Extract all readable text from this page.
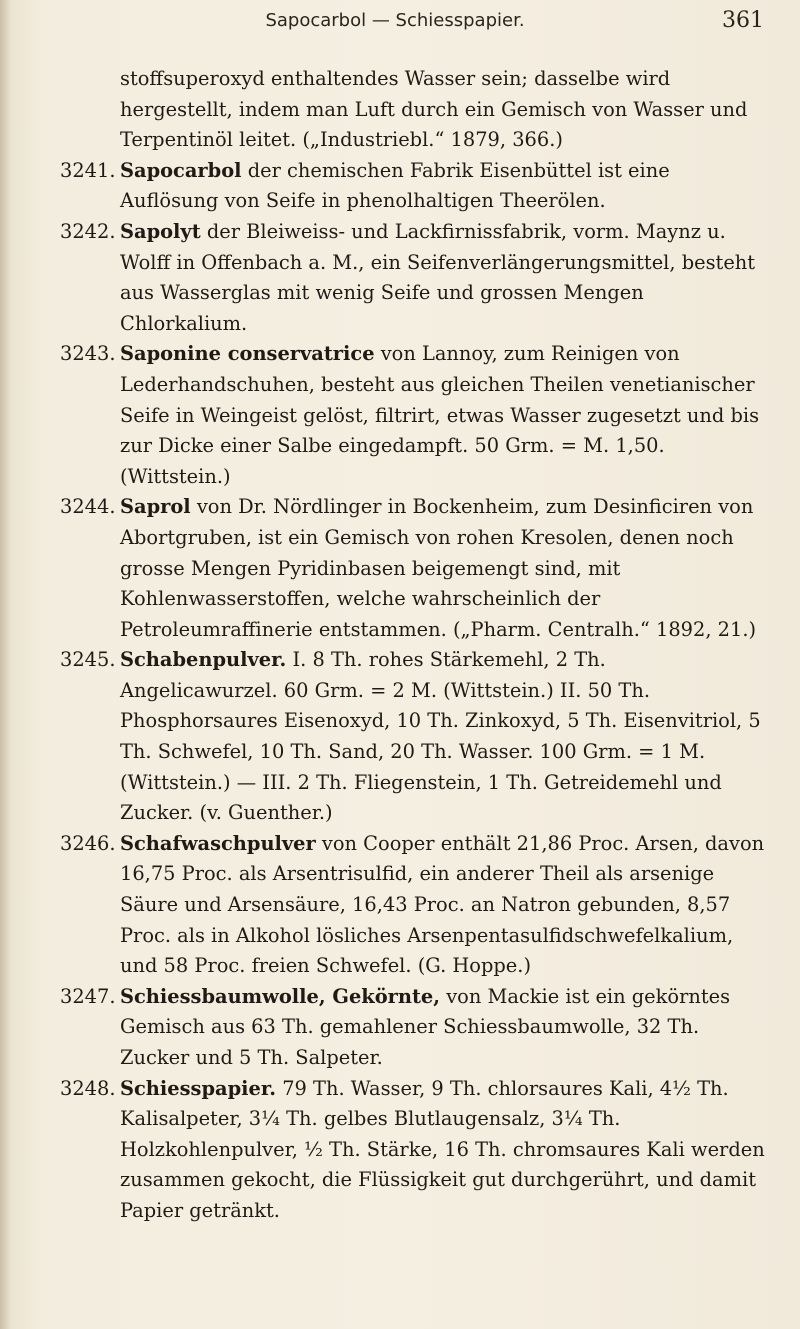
Sapocarbol — Schiesspapier.	361

stoffsuperoxyd enthaltendes Wasser sein; dasselbe wird hergestellt, indem man Luft durch ein Gemisch von Wasser und Terpentinöl leitet. („Industriebl.“ 1879, 366.)

3241. Sapocarbol der chemischen Fabrik Eisenbüttel ist eine Auflösung von Seife in phenolhaltigen Theerölen.

3242. Sapolyt der Bleiweiss- und Lackfirnissfabrik, vorm. Maynz u. Wolff in Offenbach a. M., ein Seifenverlängerungsmittel, besteht aus Wasserglas mit wenig Seife und grossen Mengen Chlorkalium.

3243. Saponine conservatrice von Lannoy, zum Reinigen von Lederhandschuhen, besteht aus gleichen Theilen venetianischer Seife in Weingeist gelöst, filtrirt, etwas Wasser zugesetzt und bis zur Dicke einer Salbe eingedampft. 50 Grm. = M. 1,50. (Wittstein.)

3244. Saprol von Dr. Nördlinger in Bockenheim, zum Desinficiren von Abortgruben, ist ein Gemisch von rohen Kresolen, denen noch grosse Mengen Pyridinbasen beigemengt sind, mit Kohlenwasserstoffen, welche wahrscheinlich der Petroleumraffinerie entstammen. („Pharm. Centralh.“ 1892, 21.)

3245. Schabenpulver. I. 8 Th. rohes Stärkemehl, 2 Th. Angelicawurzel. 60 Grm. = 2 M. (Wittstein.) II. 50 Th. Phosphorsaures Eisenoxyd, 10 Th. Zinkoxyd, 5 Th. Eisenvitriol, 5 Th. Schwefel, 10 Th. Sand, 20 Th. Wasser. 100 Grm. = 1 M. (Wittstein.) — III. 2 Th. Fliegenstein, 1 Th. Getreidemehl und Zucker. (v. Guenther.)

3246. Schafwaschpulver von Cooper enthält 21,86 Proc. Arsen, davon 16,75 Proc. als Arsentrisulfid, ein anderer Theil als arsenige Säure und Arsensäure, 16,43 Proc. an Natron gebunden, 8,57 Proc. als in Alkohol lösliches Arsenpentasulfidschwefelkalium, und 58 Proc. freien Schwefel. (G. Hoppe.)

3247. Schiessbaumwolle, Gekörnte, von Mackie ist ein gekörntes Gemisch aus 63 Th. gemahlener Schiessbaumwolle, 32 Th. Zucker und 5 Th. Salpeter.

3248. Schiesspapier. 79 Th. Wasser, 9 Th. chlorsaures Kali, 4½ Th. Kalisalpeter, 3¼ Th. gelbes Blutlaugensalz, 3¼ Th. Holzkohlenpulver, ½ Th. Stärke, 16 Th. chromsaures Kali werden zusammen gekocht, die Flüssigkeit gut durchgerührt, und damit Papier getränkt.
